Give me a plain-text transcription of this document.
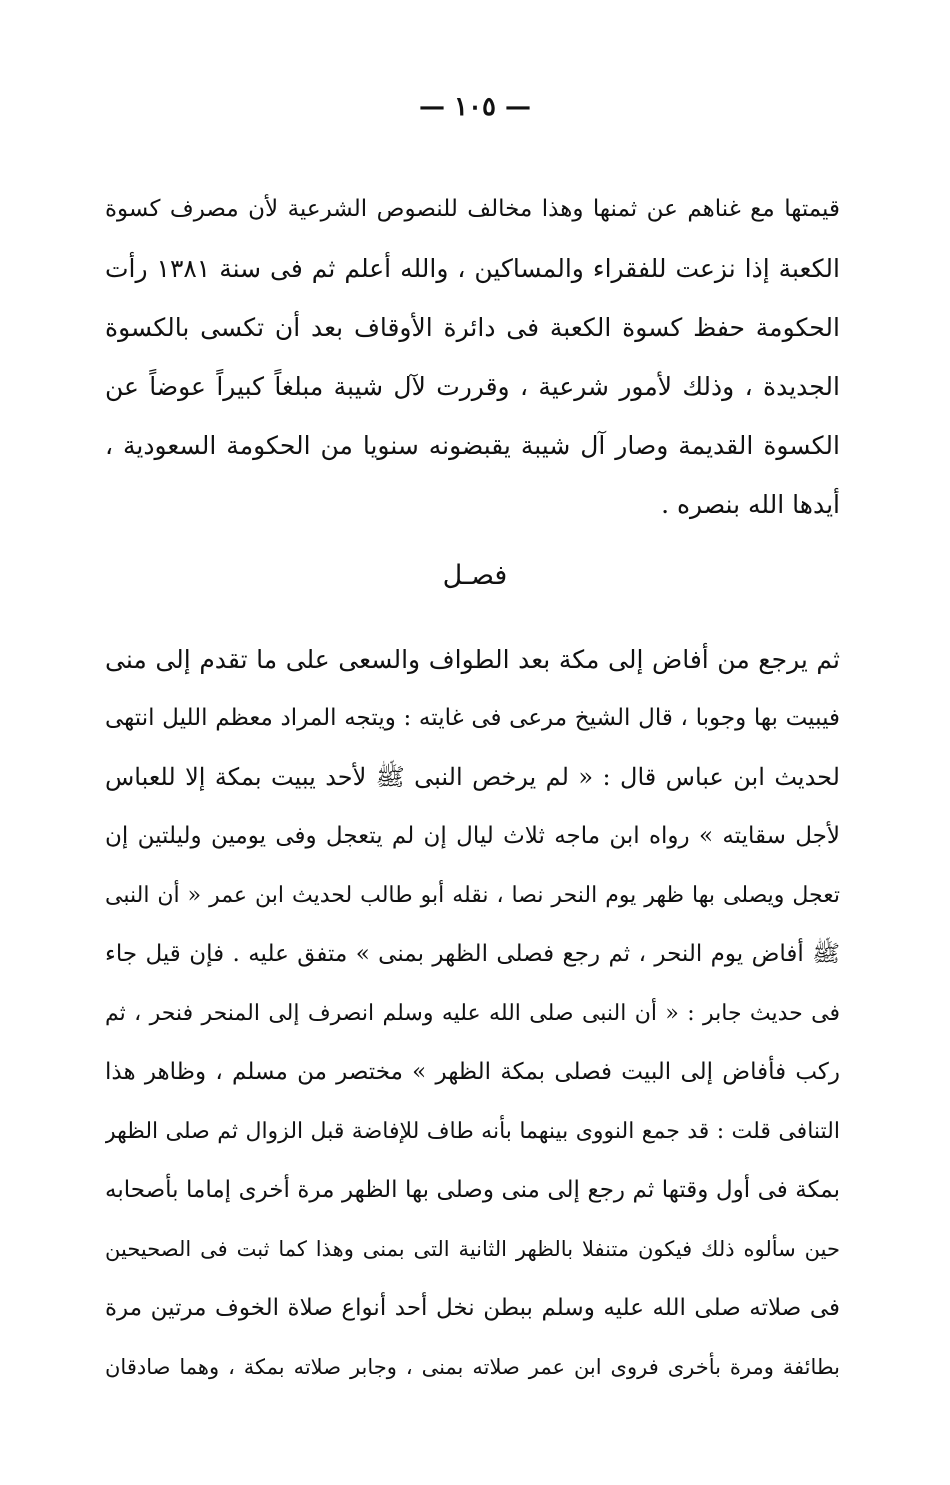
— ١٠٥ —
قيمتها مع غناهم عن ثمنها وهذا مخالف للنصوص الشرعية لأن مصرف كسوة
الكعبة إذا نزعت للفقراء والمساكين ، والله أعلم ثم فى سنة ١٣٨١ رأت
الحكومة حفظ كسوة الكعبة فى دائرة الأوقاف بعد أن تكسى بالكسوة
الجديدة ، وذلك لأمور شرعية ، وقررت لآل شيبة مبلغاً كبيراً عوضاً عن
الكسوة القديمة وصار آل شيبة يقبضونه سنويا من الحكومة السعودية ،
أيدها الله بنصره .
فصـل
ثم يرجع من أفاض إلى مكة بعد الطواف والسعى على ما تقدم إلى منى
فيبيت بها وجوبا ، قال الشيخ مرعى فى غايته : ويتجه المراد معظم الليل انتهى
لحديث ابن عباس قال : « لم يرخص النبى ﷺ لأحد يبيت بمكة إلا للعباس
لأجل سقايته » رواه ابن ماجه ثلاث ليال إن لم يتعجل وفى يومين وليلتين إن
تعجل ويصلى بها ظهر يوم النحر نصا ، نقله أبو طالب لحديث ابن عمر « أن النبى
ﷺ أفاض يوم النحر ، ثم رجع فصلى الظهر بمنى » متفق عليه . فإن قيل جاء
فى حديث جابر : « أن النبى صلى الله عليه وسلم انصرف إلى المنحر فنحر ، ثم
ركب فأفاض إلى البيت فصلى بمكة الظهر » مختصر من مسلم ، وظاهر هذا
التنافى قلت : قد جمع النووى بينهما بأنه طاف للإفاضة قبل الزوال ثم صلى الظهر
بمكة فى أول وقتها ثم رجع إلى منى وصلى بها الظهر مرة أخرى إماما بأصحابه
حين سألوه ذلك فيكون متنفلا بالظهر الثانية التى بمنى وهذا كما ثبت فى الصحيحين
فى صلاته صلى الله عليه وسلم ببطن نخل أحد أنواع صلاة الخوف مرتين مرة
بطائفة ومرة بأخرى فروى ابن عمر صلاته بمنى ، وجابر صلاته بمكة ، وهما صادقان
